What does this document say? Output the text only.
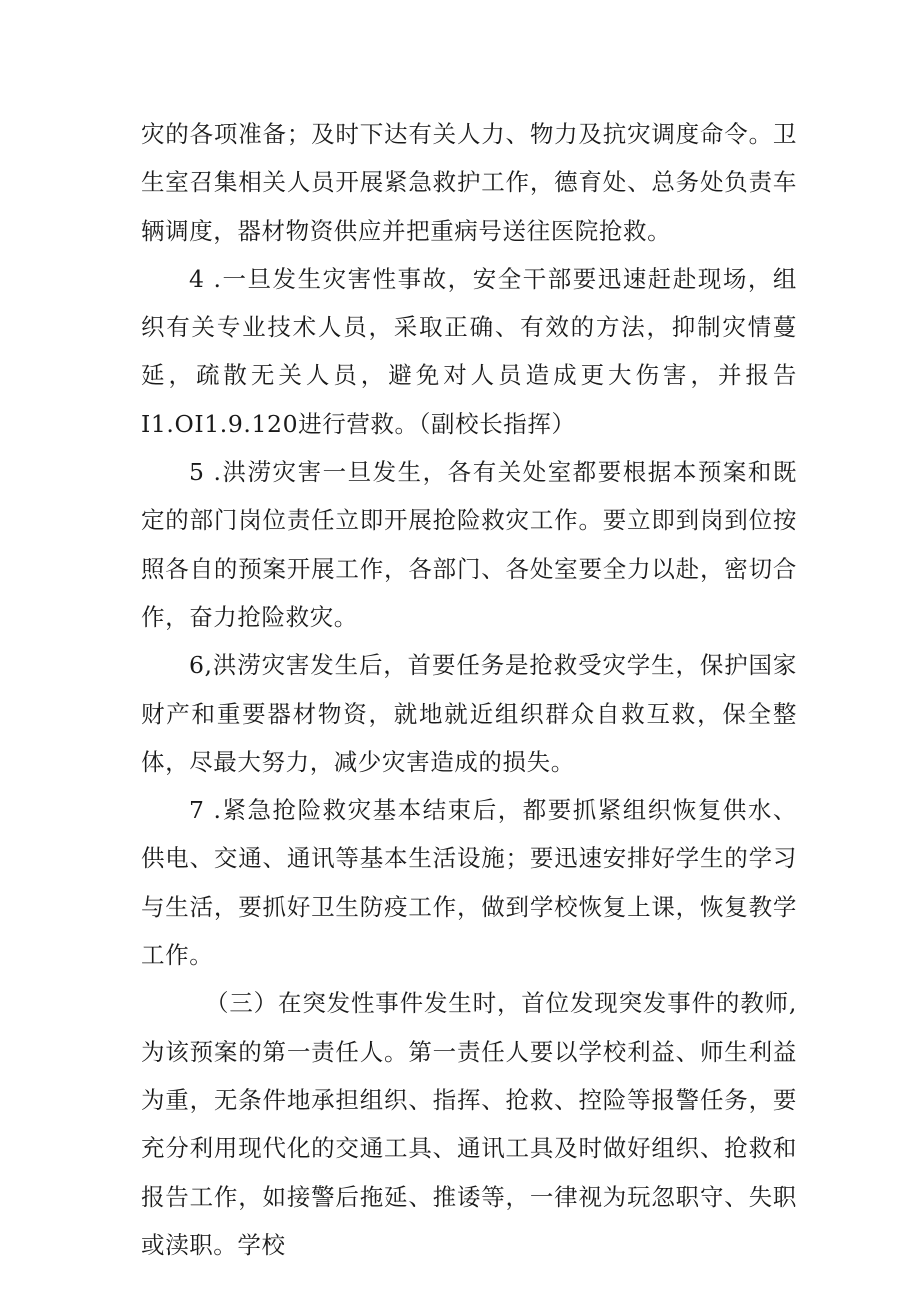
灾的各项准备；及时下达有关人力、物力及抗灾调度命令。卫生室召集相关人员开展紧急救护工作，德育处、总务处负责车辆调度，器材物资供应并把重病号送往医院抢救。

4 .一旦发生灾害性事故，安全干部要迅速赶赴现场，组织有关专业技术人员，采取正确、有效的方法，抑制灾情蔓延，疏散无关人员，避免对人员造成更大伤害，并报告I1.OI1.9.120进行营救。（副校长指挥）

5 .洪涝灾害一旦发生，各有关处室都要根据本预案和既定的部门岗位责任立即开展抢险救灾工作。要立即到岗到位按照各自的预案开展工作，各部门、各处室要全力以赴，密切合作，奋力抢险救灾。

6,洪涝灾害发生后，首要任务是抢救受灾学生，保护国家财产和重要器材物资，就地就近组织群众自救互救，保全整体，尽最大努力，减少灾害造成的损失。

7 .紧急抢险救灾基本结束后，都要抓紧组织恢复供水、供电、交通、通讯等基本生活设施；要迅速安排好学生的学习与生活，要抓好卫生防疫工作，做到学校恢复上课，恢复教学工作。

（三）在突发性事件发生时，首位发现突发事件的教师,为该预案的第一责任人。第一责任人要以学校利益、师生利益为重，无条件地承担组织、指挥、抢救、控险等报警任务，要充分利用现代化的交通工具、通讯工具及时做好组织、抢救和报告工作，如接警后拖延、推诿等，一律视为玩忽职守、失职或渎职。学校
